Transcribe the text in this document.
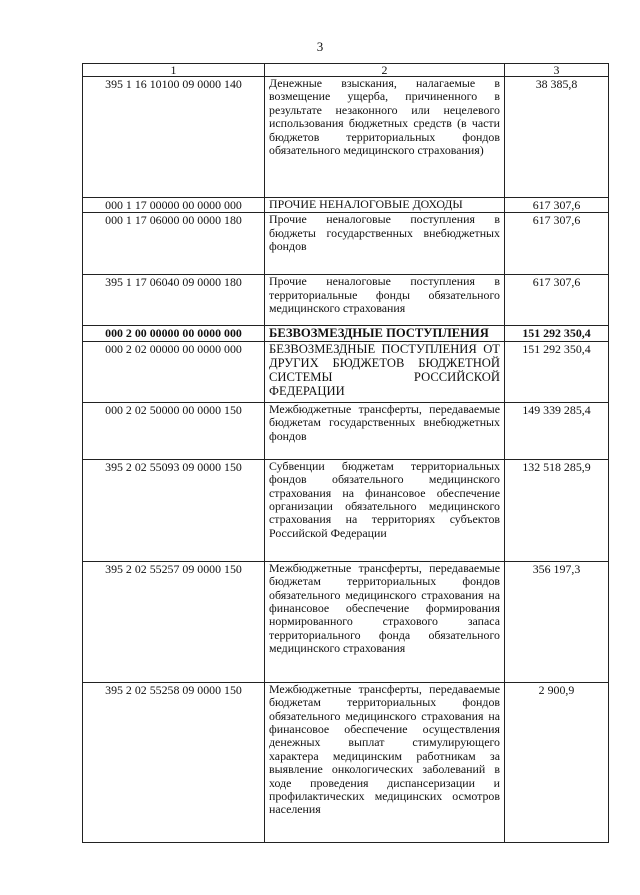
3
1	2	3
395 1 16 10100 09 0000 140	Денежные взыскания, налагаемые в возмещение ущерба, причиненного в результате незаконного или нецелевого использования бюджетных средств (в части бюджетов территориальных фондов обязательного медицинского страхования)	38 385,8
000 1 17 00000 00 0000 000	ПРОЧИЕ НЕНАЛОГОВЫЕ ДОХОДЫ	617 307,6
000 1 17 06000 00 0000 180	Прочие неналоговые поступления в бюджеты государственных внебюджетных фондов	617 307,6
395 1 17 06040 09 0000 180	Прочие неналоговые поступления в территориальные фонды обязательного медицинского страхования	617 307,6
000 2 00 00000 00 0000 000	БЕЗВОЗМЕЗДНЫЕ ПОСТУПЛЕНИЯ	151 292 350,4
000 2 02 00000 00 0000 000	БЕЗВОЗМЕЗДНЫЕ ПОСТУПЛЕНИЯ ОТ ДРУГИХ БЮДЖЕТОВ БЮДЖЕТНОЙ СИСТЕМЫ РОССИЙСКОЙ ФЕДЕРАЦИИ	151 292 350,4
000 2 02 50000 00 0000 150	Межбюджетные трансферты, передаваемые бюджетам государственных внебюджетных фондов	149 339 285,4
395 2 02 55093 09 0000 150	Субвенции бюджетам территориальных фондов обязательного медицинского страхования на финансовое обеспечение организации обязательного медицинского страхования на территориях субъектов Российской Федерации	132 518 285,9
395 2 02 55257 09 0000 150	Межбюджетные трансферты, передаваемые бюджетам территориальных фондов обязательного медицинского страхования на финансовое обеспечение формирования нормированного страхового запаса территориального фонда обязательного медицинского страхования	356 197,3
395 2 02 55258 09 0000 150	Межбюджетные трансферты, передаваемые бюджетам территориальных фондов обязательного медицинского страхования на финансовое обеспечение осуществления денежных выплат стимулирующего характера медицинским работникам за выявление онкологических заболеваний в ходе проведения диспансеризации и профилактических медицинских осмотров населения	2 900,9
